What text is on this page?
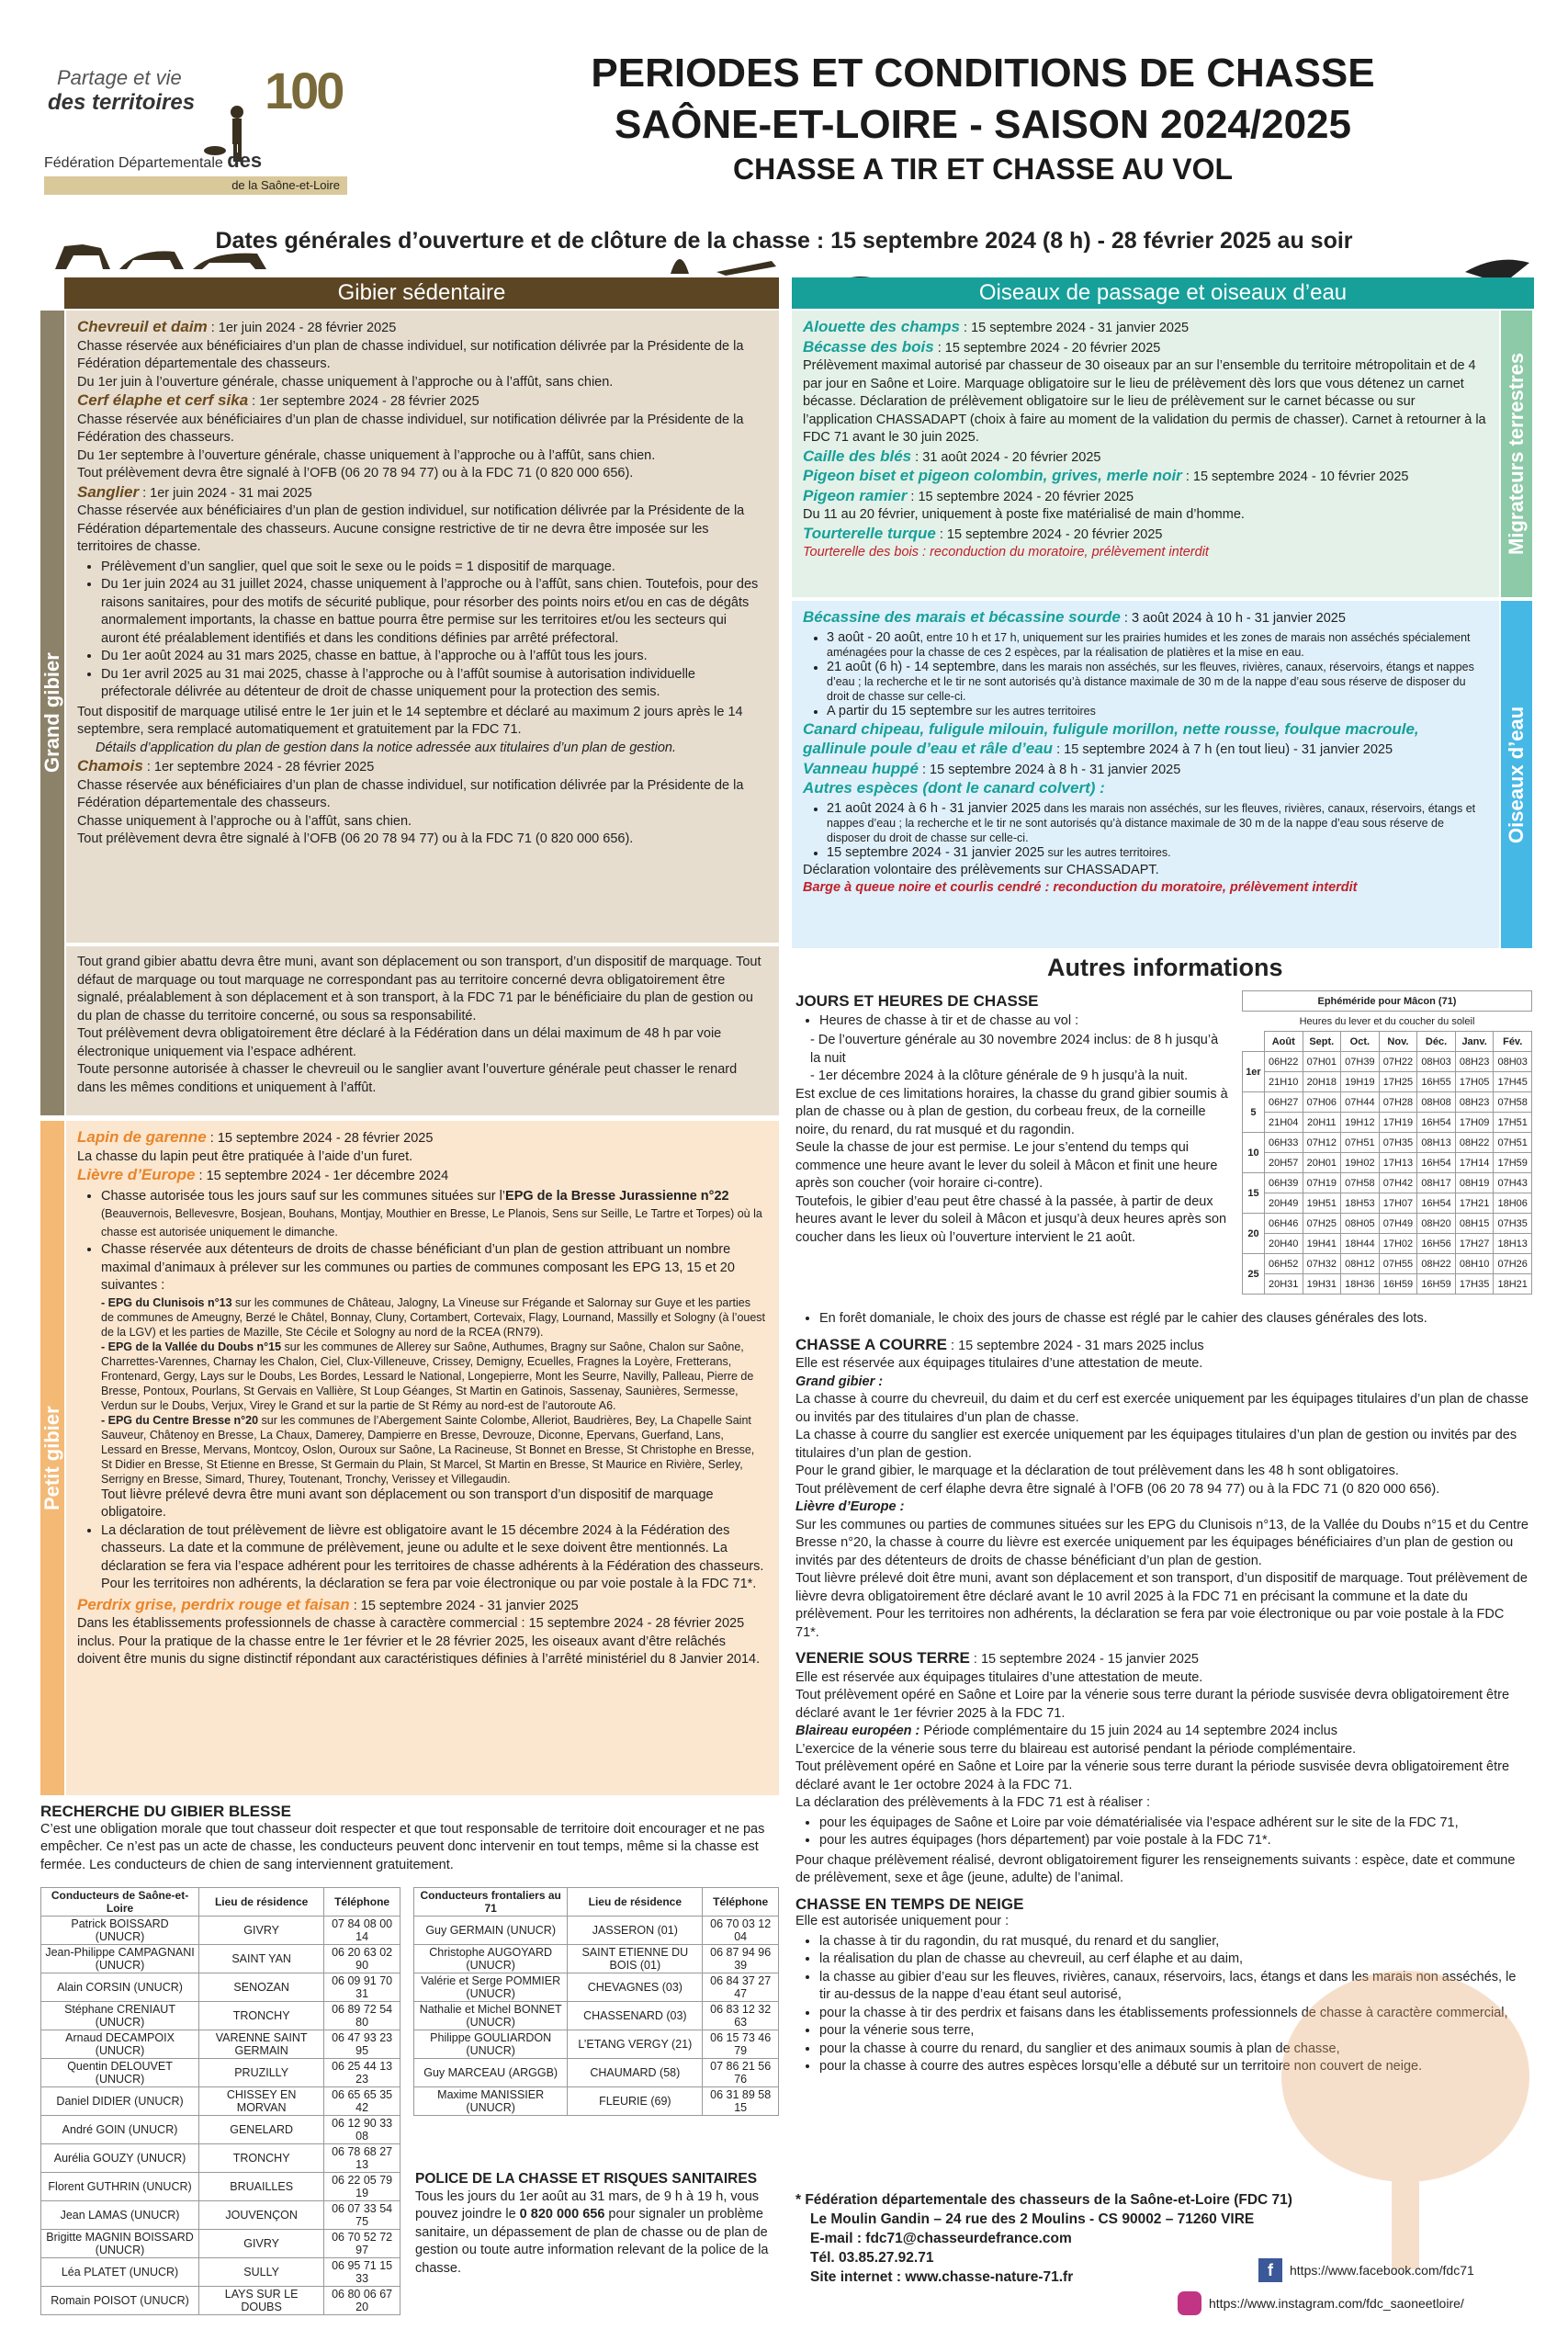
Partage et vie
des territoires 100
Fédération Départementale des
de la Saône-et-Loire
PERIODES ET CONDITIONS DE CHASSE
SAÔNE-ET-LOIRE - SAISON 2024/2025
CHASSE A TIR ET CHASSE AU VOL
Dates générales d’ouverture et de clôture de la chasse : 15 septembre 2024 (8 h) - 28 février 2025 au soir
Gibier sédentaire	Oiseaux de passage et oiseaux d’eau
Grand gibier

Chevreuil et daim : 1er juin 2024 - 28 février 2025

Chasse réservée aux bénéficiaires d’un plan de chasse individuel, sur notification délivrée par la Présidente de la Fédération départementale des chasseurs.

Du 1er juin à l’ouverture générale, chasse uniquement à l’approche ou à l’affût, sans chien.

Cerf élaphe et cerf sika : 1er septembre 2024 - 28 février 2025

Chasse réservée aux bénéficiaires d’un plan de chasse individuel, sur notification délivrée par la Présidente de la Fédération des chasseurs.

Du 1er septembre à l’ouverture générale, chasse uniquement à l’approche ou à l’affût, sans chien.

Tout prélèvement devra être signalé à l’OFB (06 20 78 94 77) ou à la FDC 71 (0 820 000 656).

Sanglier : 1er juin 2024 - 31 mai 2025

Chasse réservée aux bénéficiaires d’un plan de gestion individuel, sur notification délivrée par la Présidente de la Fédération départementale des chasseurs. Aucune consigne restrictive de tir ne devra être imposée sur les territoires de chasse.

• Prélèvement d’un sanglier, quel que soit le sexe ou le poids = 1 dispositif de marquage.
• Du 1er juin 2024 au 31 juillet 2024, chasse uniquement à l’approche ou à l’affût, sans chien. Toutefois, pour des raisons sanitaires, pour des motifs de sécurité publique, pour résorber des points noirs et/ou en cas de dégâts anormalement importants, la chasse en battue pourra être permise sur les territoires et/ou les secteurs qui auront été préalablement identifiés et dans les conditions définies par arrêté préfectoral.
• Du 1er août 2024 au 31 mars 2025, chasse en battue, à l’approche ou à l’affût tous les jours.
• Du 1er avril 2025 au 31 mai 2025, chasse à l’approche ou à l’affût soumise à autorisation individuelle préfectorale délivrée au détenteur de droit de chasse uniquement pour la protection des semis.

Tout dispositif de marquage utilisé entre le 1er juin et le 14 septembre et déclaré au maximum 2 jours après le 14 septembre, sera remplacé automatiquement et gratuitement par la FDC 71.

Détails d’application du plan de gestion dans la notice adressée aux titulaires d’un plan de gestion.

Chamois : 1er septembre 2024 - 28 février 2025

Chasse réservée aux bénéficiaires d’un plan de chasse individuel, sur notification délivrée par la Présidente de la Fédération départementale des chasseurs.

Chasse uniquement à l’approche ou à l’affût, sans chien.

Tout prélèvement devra être signalé à l’OFB (06 20 78 94 77) ou à la FDC 71 (0 820 000 656).

Tout grand gibier abattu devra être muni, avant son déplacement ou son transport, d’un dispositif de marquage. Tout défaut de marquage ou tout marquage ne correspondant pas au territoire concerné devra obligatoirement être signalé, préalablement à son déplacement et à son transport, à la FDC 71 par le bénéficiaire du plan de gestion ou du plan de chasse du territoire concerné, ou sous sa responsabilité.

Tout prélèvement devra obligatoirement être déclaré à la Fédération dans un délai maximum de 48 h par voie électronique uniquement via l’espace adhérent.

Toute personne autorisée à chasser le chevreuil ou le sanglier avant l’ouverture générale peut chasser le renard dans les mêmes conditions et uniquement à l’affût.

Petit gibier

Lapin de garenne : 15 septembre 2024 - 28 février 2025

La chasse du lapin peut être pratiquée à l’aide d’un furet.

Lièvre d’Europe : 15 septembre 2024 - 1er décembre 2024

• Chasse autorisée tous les jours sauf sur les communes situées sur l’EPG de la Bresse Jurassienne n°22 (Beauvernois, Bellevesvre, Bosjean, Bouhans, Montjay, Mouthier en Bresse, Le Planois, Sens sur Seille, Le Tartre et Torpes) où la chasse est autorisée uniquement le dimanche.
• Chasse réservée aux détenteurs de droits de chasse bénéficiant d’un plan de gestion attribuant un nombre maximal d’animaux à prélever sur les communes ou parties de communes composant les EPG 13, 15 et 20 suivantes :
- EPG du Clunisois n°13 sur les communes de Château, Jalogny, La Vineuse sur Frégande et Salornay sur Guye et les parties de communes de Ameugny, Berzé le Châtel, Bonnay, Cluny, Cortambert, Cortevaix, Flagy, Lournand, Massilly et Sologny (à l’ouest de la LGV) et les parties de Mazille, Ste Cécile et Sologny au nord de la RCEA (RN79).
- EPG de la Vallée du Doubs n°15 sur les communes de Allerey sur Saône, Authumes, Bragny sur Saône, Chalon sur Saône, Charrettes-Varennes, Charnay les Chalon, Ciel, Clux-Villeneuve, Crissey, Demigny, Ecuelles, Fragnes la Loyère, Fretterans, Frontenard, Gergy, Lays sur le Doubs, Les Bordes, Lessard le National, Longepierre, Mont les Seurre, Navilly, Palleau, Pierre de Bresse, Pontoux, Pourlans, St Gervais en Vallière, St Loup Géanges, St Martin en Gatinois, Sassenay, Saunières, Sermesse, Verdun sur le Doubs, Verjux, Virey le Grand et sur la partie de St Rémy au nord-est de l’autoroute A6.
- EPG du Centre Bresse n°20 sur les communes de l’Abergement Sainte Colombe, Alleriot, Baudrières, Bey, La Chapelle Saint Sauveur, Châtenoy en Bresse, La Chaux, Damerey, Dampierre en Bresse, Devrouze, Diconne, Epervans, Guerfand, Lans, Lessard en Bresse, Mervans, Montcoy, Oslon, Ouroux sur Saône, La Racineuse, St Bonnet en Bresse, St Christophe en Bresse, St Didier en Bresse, St Etienne en Bresse, St Germain du Plain, St Marcel, St Martin en Bresse, St Maurice en Rivière, Serley, Serrigny en Bresse, Simard, Thurey, Toutenant, Tronchy, Verissey et Villegaudin.
Tout lièvre prélevé devra être muni avant son déplacement ou son transport d’un dispositif de marquage obligatoire.
• La déclaration de tout prélèvement de lièvre est obligatoire avant le 15 décembre 2024 à la Fédération des chasseurs. La date et la commune de prélèvement, jeune ou adulte et le sexe doivent être mentionnés. La déclaration se fera via l’espace adhérent pour les territoires de chasse adhérents à la Fédération des chasseurs. Pour les territoires non adhérents, la déclaration se fera par voie électronique ou par voie postale à la FDC 71*.

Perdrix grise, perdrix rouge et faisan : 15 septembre 2024 - 31 janvier 2025

Dans les établissements professionnels de chasse à caractère commercial : 15 septembre 2024 - 28 février 2025 inclus. Pour la pratique de la chasse entre le 1er février et le 28 février 2025, les oiseaux avant d’être relâchés doivent être munis du signe distinctif répondant aux caractéristiques définies à l’arrêté ministériel du 8 Janvier 2014.

Alouette des champs : 15 septembre 2024 - 31 janvier 2025

Bécasse des bois : 15 septembre 2024 - 20 février 2025

Prélèvement maximal autorisé par chasseur de 30 oiseaux par an sur l’ensemble du territoire métropolitain et de 4 par jour en Saône et Loire. Marquage obligatoire sur le lieu de prélèvement dès lors que vous détenez un carnet bécasse. Déclaration de prélèvement obligatoire sur le lieu de prélèvement sur le carnet bécasse ou sur l’application CHASSADAPT (choix à faire au moment de la validation du permis de chasser). Carnet à retourner à la FDC 71 avant le 30 juin 2025.

Caille des blés : 31 août 2024 - 20 février 2025

Pigeon biset et pigeon colombin, grives, merle noir : 15 septembre 2024 - 10 février 2025

Pigeon ramier : 15 septembre 2024 - 20 février 2025

Du 11 au 20 février, uniquement à poste fixe matérialisé de main d’homme.

Tourterelle turque : 15 septembre 2024 - 20 février 2025

Tourterelle des bois : reconduction du moratoire, prélèvement interdit	Migrateurs terrestres

Bécassine des marais et bécassine sourde : 3 août 2024 à 10 h - 31 janvier 2025

• 3 août - 20 août, entre 10 h et 17 h, uniquement sur les prairies humides et les zones de marais non asséchés spécialement aménagées pour la chasse de ces 2 espèces, par la réalisation de platières et la mise en eau.
• 21 août (6 h) - 14 septembre, dans les marais non asséchés, sur les fleuves, rivières, canaux, réservoirs, étangs et nappes d’eau ; la recherche et le tir ne sont autorisés qu’à distance maximale de 30 m de la nappe d’eau sous réserve de disposer du droit de chasse sur celle-ci.
• A partir du 15 septembre sur les autres territoires

Canard chipeau, fuligule milouin, fuligule morillon, nette rousse, foulque macroule, gallinule poule d’eau et râle d’eau : 15 septembre 2024 à 7 h (en tout lieu) - 31 janvier 2025

Vanneau huppé : 15 septembre 2024 à 8 h - 31 janvier 2025

Autres espèces (dont le canard colvert) :

• 21 août 2024 à 6 h - 31 janvier 2025 dans les marais non asséchés, sur les fleuves, rivières, canaux, réservoirs, étangs et nappes d’eau ; la recherche et le tir ne sont autorisés qu’à distance maximale de 30 m de la nappe d’eau sous réserve de disposer du droit de chasse sur celle-ci.
• 15 septembre 2024 - 31 janvier 2025 sur les autres territoires.

Déclaration volontaire des prélèvements sur CHASSADAPT.

Barge à queue noire et courlis cendré : reconduction du moratoire, prélèvement interdit

Oiseaux d’eau
Autres informations

JOURS ET HEURES DE CHASSE

• Heures de chasse à tir et de chasse au vol :

- De l’ouverture générale au 30 novembre 2024 inclus: de 8 h jusqu’à la nuit

- 1er décembre 2024 à la clôture générale de 9 h jusqu’à la nuit.

Est exclue de ces limitations horaires, la chasse du grand gibier soumis à plan de chasse ou à plan de gestion, du corbeau freux, de la corneille noire, du renard, du rat musqué et du ragondin.

Seule la chasse de jour est permise. Le jour s’entend du temps qui commence une heure avant le lever du soleil à Mâcon et finit une heure après son coucher (voir horaire ci-contre).

Toutefois, le gibier d’eau peut être chassé à la passée, à partir de deux heures avant le lever du soleil à Mâcon et jusqu’à deux heures après son coucher dans les lieux où l’ouverture intervient le 21 août.

Ephéméride pour Mâcon (71)							
Heures du lever et du coucher du soleil							
	Août	Sept.	Oct.	Nov.	Déc.	Janv.	Fév.
1er	06H22	07H01	07H39	07H22	08H03	08H23	08H03
	21H10	20H18	19H19	17H25	16H55	17H05	17H45
5	06H27	07H06	07H44	07H28	08H08	08H23	07H58
	21H04	20H11	19H12	17H19	16H54	17H09	17H51
10	06H33	07H12	07H51	07H35	08H13	08H22	07H51
	20H57	20H01	19H02	17H13	16H54	17H14	17H59
15	06H39	07H19	07H58	07H42	08H17	08H19	07H43
	20H49	19H51	18H53	17H07	16H54	17H21	18H06
20	06H46	07H25	08H05	07H49	08H20	08H15	07H35
	20H40	19H41	18H44	17H02	16H56	17H27	18H13
25	06H52	07H32	08H12	07H55	08H22	08H10	07H26
	20H31	19H31	18H36	16H59	16H59	17H35	18H21
• En forêt domaniale, le choix des jours de chasse est réglé par le cahier des clauses générales des lots.

CHASSE A COURRE : 15 septembre 2024 - 31 mars 2025 inclus

Elle est réservée aux équipages titulaires d’une attestation de meute.

Grand gibier :

La chasse à courre du chevreuil, du daim et du cerf est exercée uniquement par les équipages titulaires d’un plan de chasse ou invités par des titulaires d’un plan de chasse.

La chasse à courre du sanglier est exercée uniquement par les équipages titulaires d’un plan de gestion ou invités par des titulaires d’un plan de gestion.

Pour le grand gibier, le marquage et la déclaration de tout prélèvement dans les 48 h sont obligatoires.

Tout prélèvement de cerf élaphe devra être signalé à l’OFB (06 20 78 94 77) ou à la FDC 71 (0 820 000 656).

Lièvre d’Europe :

Sur les communes ou parties de communes situées sur les EPG du Clunisois n°13, de la Vallée du Doubs n°15 et du Centre Bresse n°20, la chasse à courre du lièvre est exercée uniquement par les équipages bénéficiaires d’un plan de gestion ou invités par des détenteurs de droits de chasse bénéficiant d’un plan de gestion.

Tout lièvre prélevé doit être muni, avant son déplacement et son transport, d’un dispositif de marquage. Tout prélèvement de lièvre devra obligatoirement être déclaré avant le 10 avril 2025 à la FDC 71 en précisant la commune et la date du prélèvement. Pour les territoires non adhérents, la déclaration se fera par voie électronique ou par voie postale à la FDC 71*.

VENERIE SOUS TERRE : 15 septembre 2024 - 15 janvier 2025

Elle est réservée aux équipages titulaires d’une attestation de meute.

Tout prélèvement opéré en Saône et Loire par la vénerie sous terre durant la période susvisée devra obligatoirement être déclaré avant le 1er février 2025 à la FDC 71.

Blaireau européen : Période complémentaire du 15 juin 2024 au 14 septembre 2024 inclus

L’exercice de la vénerie sous terre du blaireau est autorisé pendant la période complémentaire.

Tout prélèvement opéré en Saône et Loire par la vénerie sous terre durant la période susvisée devra obligatoirement être déclaré avant le 1er octobre 2024 à la FDC 71.

La déclaration des prélèvements à la FDC 71 est à réaliser :

• pour les équipages de Saône et Loire par voie dématérialisée via l’espace adhérent sur le site de la FDC 71,
• pour les autres équipages (hors département) par voie postale à la FDC 71*.

Pour chaque prélèvement réalisé, devront obligatoirement figurer les renseignements suivants : espèce, date et commune de prélèvement, sexe et âge (jeune, adulte) de l’animal.

CHASSE EN TEMPS DE NEIGE

Elle est autorisée uniquement pour :

• la chasse à tir du ragondin, du rat musqué, du renard et du sanglier,
• la réalisation du plan de chasse au chevreuil, au cerf élaphe et au daim,
• la chasse au gibier d’eau sur les fleuves, rivières, canaux, réservoirs, lacs, étangs et dans les marais non asséchés, le tir au-dessus de la nappe d’eau étant seul autorisé,
• pour la chasse à tir des perdrix et faisans dans les établissements professionnels de chasse à caractère commercial,
• pour la vénerie sous terre,
• pour la chasse à courre du renard, du sanglier et des animaux soumis à plan de chasse,
• pour la chasse à courre des autres espèces lorsqu’elle a débuté sur un territoire non couvert de neige.

* Fédération départementale des chasseurs de la Saône-et-Loire (FDC 71)

Le Moulin Gandin – 24 rue des 2 Moulins - CS 90002 – 71260 VIRE

E-mail : fdc71@chasseurdefrance.com

Tél. 03.85.27.92.71

Site internet : www.chasse-nature-71.fr	f	https://www.facebook.com/fdc71
https://www.instagram.com/fdc_saoneetloire/

RECHERCHE DU GIBIER BLESSE

C’est une obligation morale que tout chasseur doit respecter et que tout responsable de territoire doit encourager et ne pas empêcher. Ce n’est pas un acte de chasse, les conducteurs peuvent donc intervenir en tout temps, même si la chasse est fermée. Les conducteurs de chien de sang interviennent gratuitement.

Conducteurs de Saône-et-Loire	Lieu de résidence	Téléphone
Patrick BOISSARD (UNUCR)	GIVRY	07 84 08 00 14
Jean-Philippe CAMPAGNANI (UNUCR)	SAINT YAN	06 20 63 02 90
Alain CORSIN (UNUCR)	SENOZAN	06 09 91 70 31
Stéphane CRENIAUT (UNUCR)	TRONCHY	06 89 72 54 80
Arnaud DECAMPOIX (UNUCR)	VARENNE SAINT GERMAIN	06 47 93 23 95
Quentin DELOUVET (UNUCR)	PRUZILLY	06 25 44 13 23
Daniel DIDIER (UNUCR)	CHISSEY EN MORVAN	06 65 65 35 42
André GOIN (UNUCR)	GENELARD	06 12 90 33 08
Aurélia GOUZY (UNUCR)	TRONCHY	06 78 68 27 13
Florent GUTHRIN (UNUCR)	BRUAILLES	06 22 05 79 19
Jean LAMAS (UNUCR)	JOUVENÇON	06 07 33 54 75
Brigitte MAGNIN BOISSARD (UNUCR)	GIVRY	06 70 52 72 97
Léa PLATET (UNUCR)	SULLY	06 95 71 15 33
Romain POISOT (UNUCR)	LAYS SUR LE DOUBS	06 80 06 67 20
Conducteurs frontaliers au 71	Lieu de résidence	Téléphone
Guy GERMAIN (UNUCR)	JASSERON (01)	06 70 03 12 04
Christophe AUGOYARD (UNUCR)	SAINT ETIENNE DU BOIS (01)	06 87 94 96 39
Valérie et Serge POMMIER (UNUCR)	CHEVAGNES (03)	06 84 37 27 47
Nathalie et Michel BONNET (UNUCR)	CHASSENARD (03)	06 83 12 32 63
Philippe GOULIARDON (UNUCR)	L’ETANG VERGY (21)	06 15 73 46 79
Guy MARCEAU (ARGGB)	CHAUMARD (58)	07 86 21 56 76
Maxime MANISSIER (UNUCR)	FLEURIE (69)	06 31 89 58 15

POLICE DE LA CHASSE ET RISQUES SANITAIRES

Tous les jours du 1er août au 31 mars, de 9 h à 19 h, vous pouvez joindre le 0 820 000 656 pour signaler un problème sanitaire, un dépassement de plan de chasse ou de plan de gestion ou toute autre information relevant de la police de la chasse.
